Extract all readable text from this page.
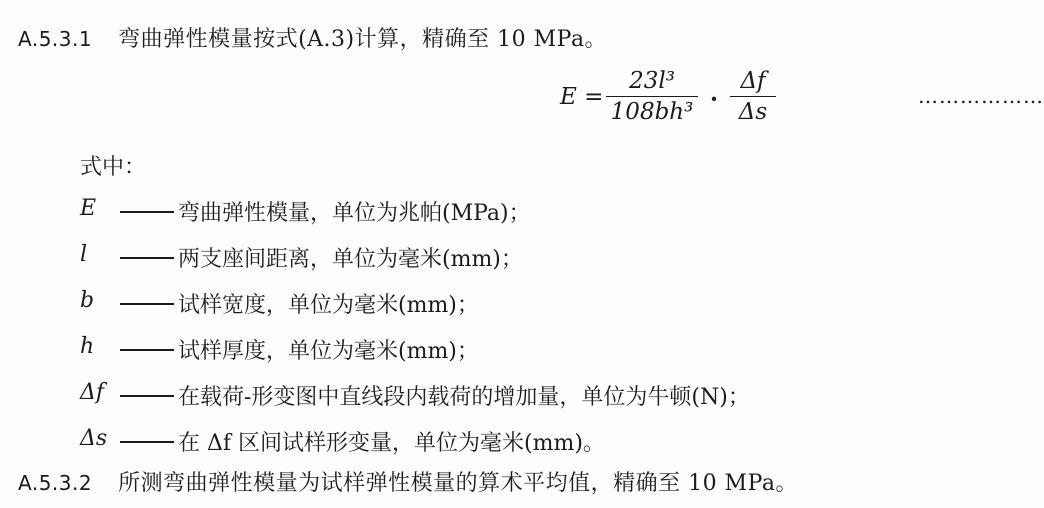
A.5.3.1 弯曲弹性模量按式(A.3)计算，精确至 10 MPa。
$E = \frac{\text{23l³}}{\text{108bh³}} \cdot \frac{\Delta f}{\Delta s}$	………………
式中：
E	弯曲弹性模量，单位为兆帕(MPa)；
l	两支座间距离，单位为毫米(mm)；
b	试样宽度，单位为毫米(mm)；
h	试样厚度，单位为毫米(mm)；
Δf	在载荷-形变图中直线段内载荷的增加量，单位为牛顿(N)；
Δs	在 Δf 区间试样形变量，单位为毫米(mm)。
A.5.3.2 所测弯曲弹性模量为试样弹性模量的算术平均值，精确至 10 MPa。
